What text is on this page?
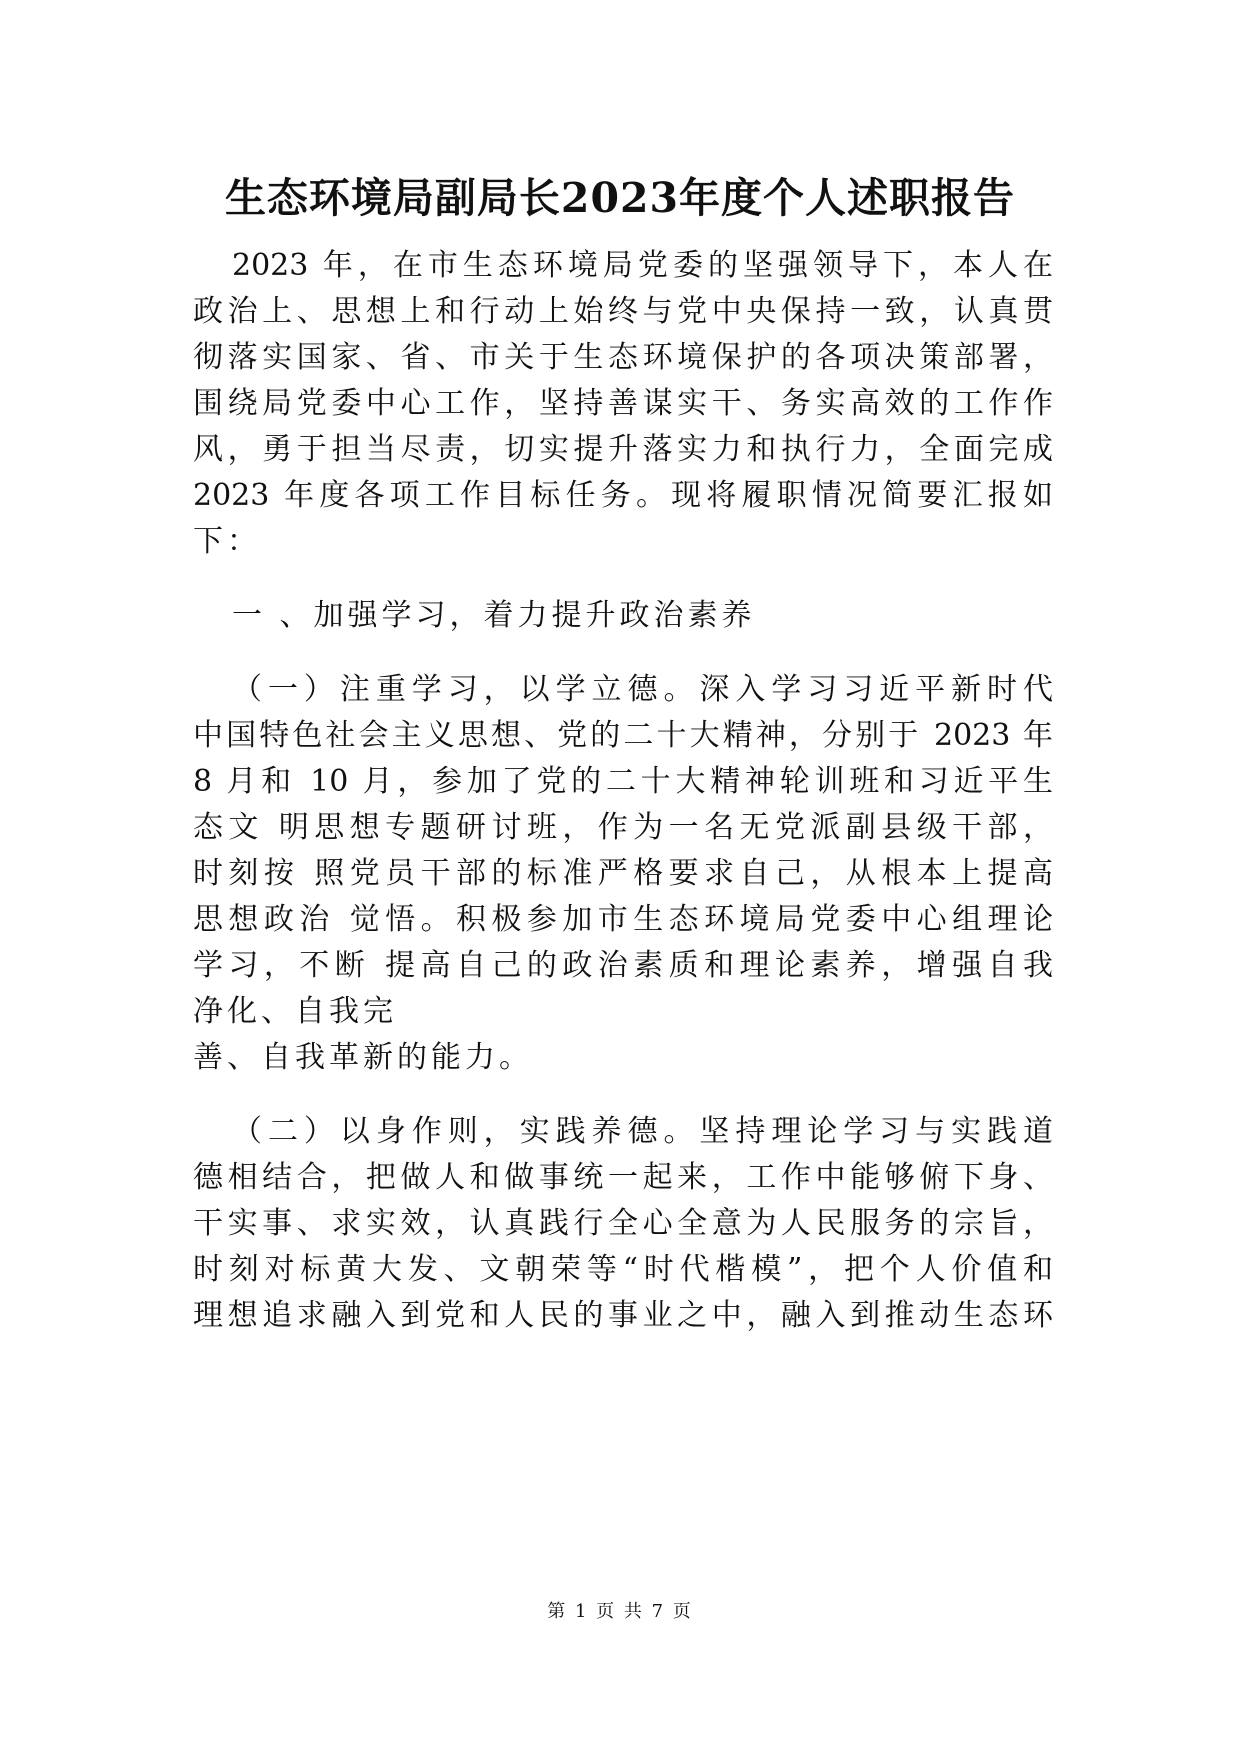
生态环境局副局长2023年度个人述职报告
2023 年，在市生态环境局党委的坚强领导下，本人在
政治上、思想上和行动上始终与党中央保持一致，认真贯
彻落实国家、省、市关于生态环境保护的各项决策部署，
围绕局党委中心工作，坚持善谋实干、务实高效的工作作
风，勇于担当尽责，切实提升落实力和执行力，全面完成
2023 年度各项工作目标任务。现将履职情况简要汇报如
下：
一 、加强学习，着力提升政治素养
（一）注重学习，以学立德。深入学习习近平新时代
中国特色社会主义思想、党的二十大精神，分别于 2023 年
8 月和 10 月，参加了党的二十大精神轮训班和习近平生
态文 明思想专题研讨班，作为一名无党派副县级干部，
时刻按 照党员干部的标准严格要求自己，从根本上提高
思想政治 觉悟。积极参加市生态环境局党委中心组理论
学习，不断 提高自己的政治素质和理论素养，增强自我
净化、自我完
善、自我革新的能力。
（二）以身作则，实践养德。坚持理论学习与实践道
德相结合，把做人和做事统一起来，工作中能够俯下身、
干实事、求实效，认真践行全心全意为人民服务的宗旨，
时刻对标黄大发、文朝荣等“时代楷模”，把个人价值和
理想追求融入到党和人民的事业之中，融入到推动生态环
第 1 页 共 7 页
